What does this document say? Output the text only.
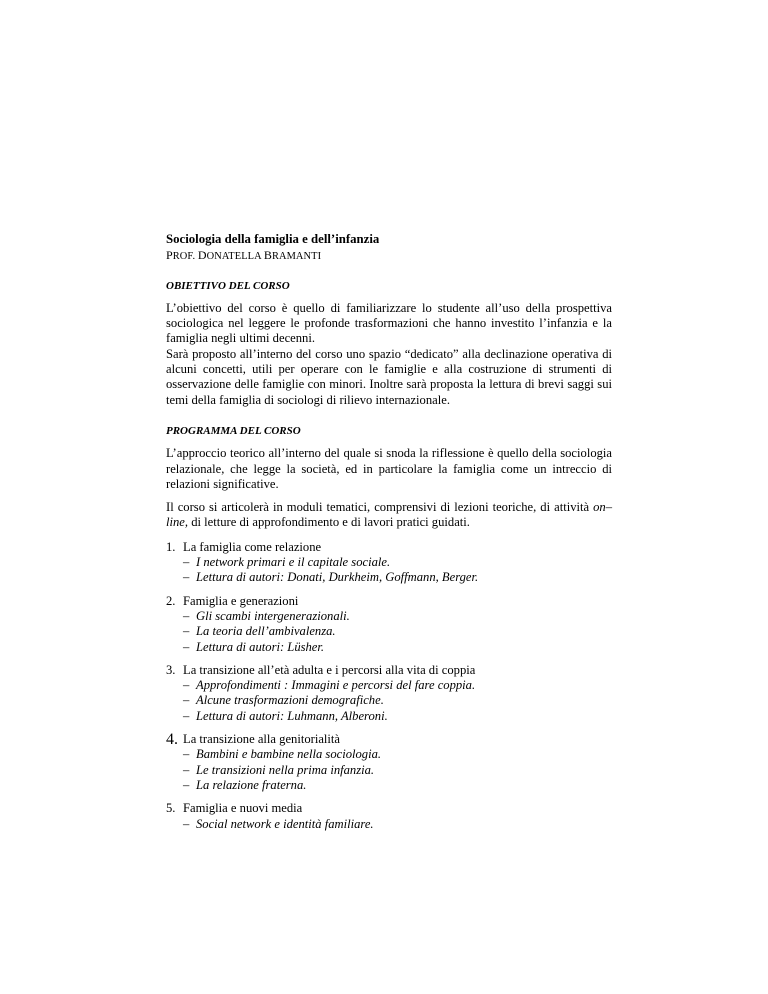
Sociologia della famiglia e dell’infanzia

PROF. DONATELLA BRAMANTI

OBIETTIVO DEL CORSO

L’obiettivo del corso è quello di familiarizzare lo studente all’uso della prospettiva sociologica nel leggere le profonde trasformazioni che hanno investito l’infanzia e la famiglia negli ultimi decenni.

Sarà proposto all’interno del corso uno spazio “dedicato” alla declinazione operativa di alcuni concetti, utili per operare con le famiglie e alla costruzione di strumenti di osservazione delle famiglie con minori. Inoltre sarà proposta la lettura di brevi saggi sui temi della famiglia di sociologi di rilievo internazionale.

PROGRAMMA DEL CORSO

L’approccio teorico all’interno del quale si snoda la riflessione è quello della sociologia relazionale, che legge la società, ed in particolare la famiglia come un intreccio di relazioni significative.

Il corso si articolerà in moduli tematici, comprensivi di lezioni teoriche, di attività on–line, di letture di approfondimento e di lavori pratici guidati.

1. La famiglia come relazione
– I network primari e il capitale sociale.
– Lettura di autori: Donati, Durkheim, Goffmann, Berger.
2. Famiglia e generazioni
– Gli scambi intergenerazionali.
– La teoria dell’ambivalenza.
– Lettura di autori: Lüsher.
3. La transizione all’età adulta e i percorsi alla vita di coppia
– Approfondimenti : Immagini e percorsi del fare coppia.
– Alcune trasformazioni demografiche.
– Lettura di autori: Luhmann, Alberoni.
4. La transizione alla genitorialità
– Bambini e bambine nella sociologia.
– Le transizioni nella prima infanzia.
– La relazione fraterna.
5. Famiglia e nuovi media
– Social network e identità familiare.
